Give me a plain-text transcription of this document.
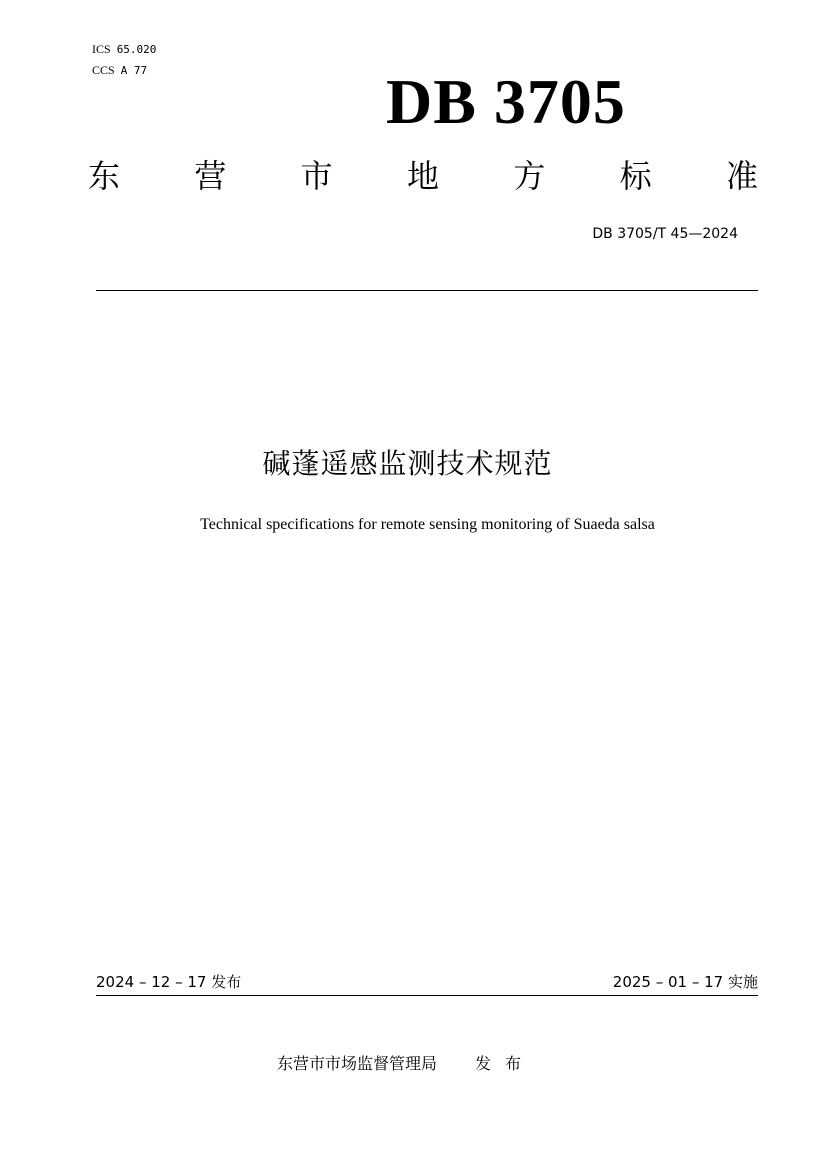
ICS 65.020
CCS A 77	DB 3705
东 营 市 地 方 标 准
DB 3705/T 45—2024
碱蓬遥感监测技术规范
Technical specifications for remote sensing monitoring of Suaeda salsa
2024 – 12 – 17 发布	2025 – 01 – 17 实施
东营市市场监督管理局 发布
